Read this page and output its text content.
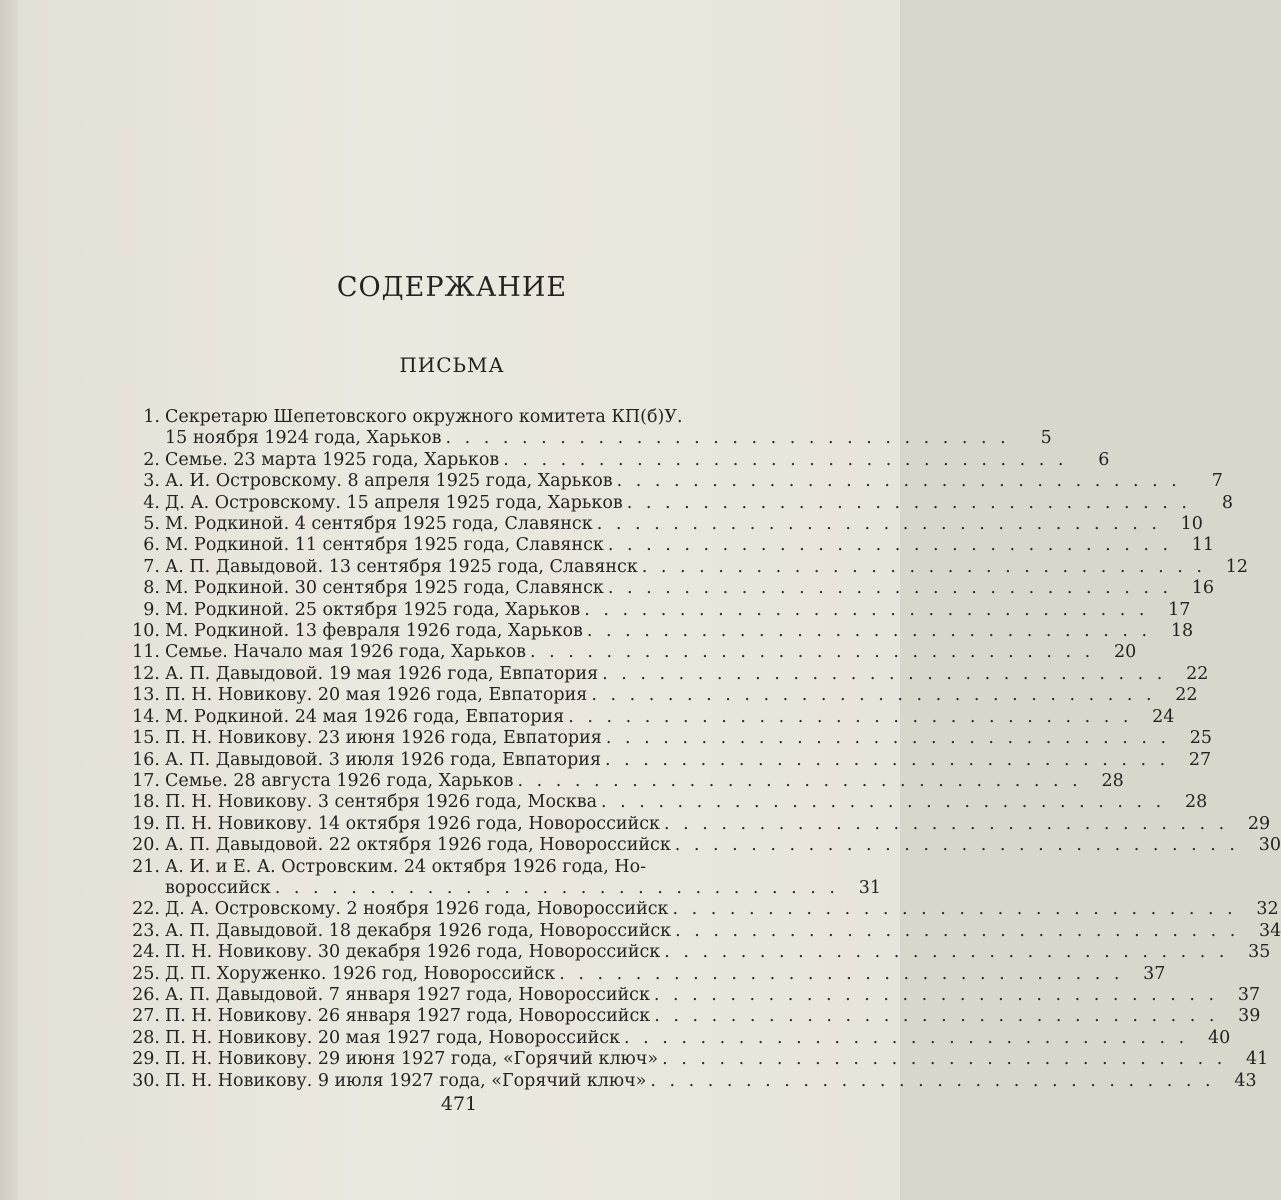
СОДЕРЖАНИЕ
ПИСЬМА
1. Секретарю Шепетовского окружного комитета КП(б)У.
15 ноября 1924 года, Харьков . . . . . . . . . . . . . . . . . . . . . . . . . . . . . .	5
2. Семье. 23 марта 1925 года, Харьков . . . . . . . . . . . . . . . . . . . . . . . . . . . . . .	6
3. А. И. Островскому. 8 апреля 1925 года, Харьков . . . . . . . . . . . . . . . . . . . . . . . . . . . . . .	7
4. Д. А. Островскому. 15 апреля 1925 года, Харьков . . . . . . . . . . . . . . . . . . . . . . . . . . . . . .	8
5. М. Родкиной. 4 сентября 1925 года, Славянск . . . . . . . . . . . . . . . . . . . . . . . . . . . . . .	10
6. М. Родкиной. 11 сентября 1925 года, Славянск . . . . . . . . . . . . . . . . . . . . . . . . . . . . . .	11
7. А. П. Давыдовой. 13 сентября 1925 года, Славянск . . . . . . . . . . . . . . . . . . . . . . . . . . . . . .	12
8. М. Родкиной. 30 сентября 1925 года, Славянск . . . . . . . . . . . . . . . . . . . . . . . . . . . . . .	16
9. М. Родкиной. 25 октября 1925 года, Харьков . . . . . . . . . . . . . . . . . . . . . . . . . . . . . .	17
10. М. Родкиной. 13 февраля 1926 года, Харьков . . . . . . . . . . . . . . . . . . . . . . . . . . . . . .	18
11. Семье. Начало мая 1926 года, Харьков . . . . . . . . . . . . . . . . . . . . . . . . . . . . . .	20
12. А. П. Давыдовой. 19 мая 1926 года, Евпатория . . . . . . . . . . . . . . . . . . . . . . . . . . . . . .	22
13. П. Н. Новикову. 20 мая 1926 года, Евпатория . . . . . . . . . . . . . . . . . . . . . . . . . . . . . .	22
14. М. Родкиной. 24 мая 1926 года, Евпатория . . . . . . . . . . . . . . . . . . . . . . . . . . . . . .	24
15. П. Н. Новикову. 23 июня 1926 года, Евпатория . . . . . . . . . . . . . . . . . . . . . . . . . . . . . .	25
16. А. П. Давыдовой. 3 июля 1926 года, Евпатория . . . . . . . . . . . . . . . . . . . . . . . . . . . . . .	27
17. Семье. 28 августа 1926 года, Харьков . . . . . . . . . . . . . . . . . . . . . . . . . . . . . .	28
18. П. Н. Новикову. 3 сентября 1926 года, Москва . . . . . . . . . . . . . . . . . . . . . . . . . . . . . .	28
19. П. Н. Новикову. 14 октября 1926 года, Новороссийск . . . . . . . . . . . . . . . . . . . . . . . . . . . . . .	29
20. А. П. Давыдовой. 22 октября 1926 года, Новороссийск . . . . . . . . . . . . . . . . . . . . . . . . . . . . . .	30
21. А. И. и Е. А. Островским. 24 октября 1926 года, Но-
вороссийск . . . . . . . . . . . . . . . . . . . . . . . . . . . . . .	31
22. Д. А. Островскому. 2 ноября 1926 года, Новороссийск . . . . . . . . . . . . . . . . . . . . . . . . . . . . . .	32
23. А. П. Давыдовой. 18 декабря 1926 года, Новороссийск . . . . . . . . . . . . . . . . . . . . . . . . . . . . . .	34
24. П. Н. Новикову. 30 декабря 1926 года, Новороссийск . . . . . . . . . . . . . . . . . . . . . . . . . . . . . .	35
25. Д. П. Хоруженко. 1926 год, Новороссийск . . . . . . . . . . . . . . . . . . . . . . . . . . . . . .	37
26. А. П. Давыдовой. 7 января 1927 года, Новороссийск . . . . . . . . . . . . . . . . . . . . . . . . . . . . . .	37
27. П. Н. Новикову. 26 января 1927 года, Новороссийск . . . . . . . . . . . . . . . . . . . . . . . . . . . . . .	39
28. П. Н. Новикову. 20 мая 1927 года, Новороссийск . . . . . . . . . . . . . . . . . . . . . . . . . . . . . .	40
29. П. Н. Новикову. 29 июня 1927 года, «Горячий ключ» . . . . . . . . . . . . . . . . . . . . . . . . . . . . . .	41
30. П. Н. Новикову. 9 июля 1927 года, «Горячий ключ» . . . . . . . . . . . . . . . . . . . . . . . . . . . . . .	43
471
